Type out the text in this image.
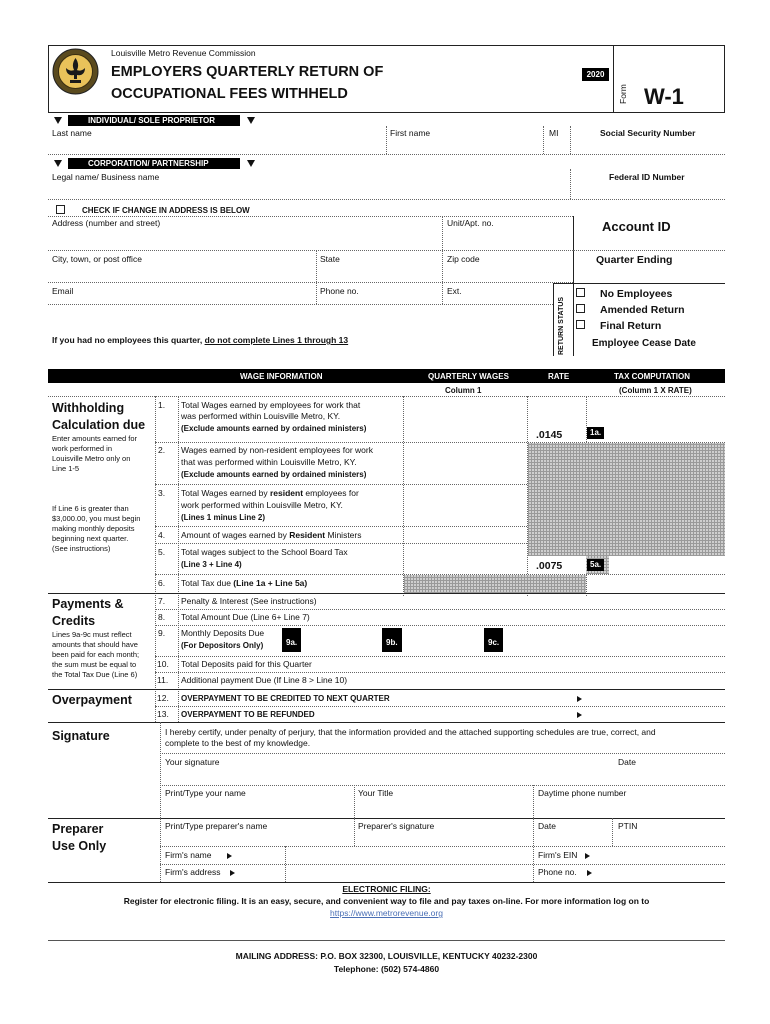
Louisville Metro Revenue Commission
EMPLOYERS QUARTERLY RETURN OF
OCCUPATIONAL FEES WITHHELD
2020
Form W-1
INDIVIDUAL/ SOLE PROPRIETOR
Last name	First name	MI	Social Security Number
CORPORATION/ PARTNERSHIP
Legal name/ Business name	Federal ID Number
CHECK IF CHANGE IN ADDRESS IS BELOW
Address (number and street)	Unit/Apt. no.
City, town, or post office	State	Zip code
Email	Phone no.	Ext.
Account ID
Quarter Ending
RETURN STATUS
No Employees
Amended Return
Final Return
Employee Cease Date
If you had no employees this quarter, do not complete Lines 1 through 13
WAGE INFORMATION	QUARTERLY WAGES	RATE	TAX COMPUTATION
Column 1	(Column 1 X RATE)
Withholding
Calculation due
Enter amounts earned for
work performed in
Louisville Metro only on
Line 1-5
If Line 6 is greater than
$3,000.00, you must begin
making monthly deposits
beginning next quarter.
(See instructions)
1. Total Wages earned by employees for work that
was performed within Louisville Metro, KY.
(Exclude amounts earned by ordained ministers)
.0145	1a.
2. Wages earned by non-resident employees for work
that was performed within Louisville Metro, KY.
(Exclude amounts earned by ordained ministers)
3. Total Wages earned by resident employees for
work performed within Louisville Metro, KY.
(Lines 1 minus Line 2)
4. Amount of wages earned by Resident Ministers
5. Total wages subject to the School Board Tax
(Line 3 + Line 4)	.0075	5a.
6. Total Tax due (Line 1a + Line 5a)
Payments &
Credits
Lines 9a-9c must reflect
amounts that should have
been paid for each month;
the sum must be equal to
the Total Tax Due (Line 6)
7. Penalty & Interest (See instructions)
8. Total Amount Due (Line 6+ Line 7)
9. Monthly Deposits Due
(For Depositors Only)	9a.	9b.	9c.
10. Total Deposits paid for this Quarter
11. Additional payment Due (If Line 8 > Line 10)
Overpayment	12. OVERPAYMENT TO BE CREDITED TO NEXT QUARTER
13. OVERPAYMENT TO BE REFUNDED
Signature	I hereby certify, under penalty of perjury, that the information provided and the attached supporting schedules are true, correct, and
complete to the best of my knowledge.
Your signature	Date
Print/Type your name	Your Title	Daytime phone number
Preparer
Use Only
Print/Type preparer's name	Preparer's signature	Date	PTIN
Firm's name	Firm's EIN
Firm's address	Phone no.
ELECTRONIC FILING:
Register for electronic filing. It is an easy, secure, and convenient way to file and pay taxes on-line. For more information log on to
https://www.metrorevenue.org
MAILING ADDRESS: P.O. BOX 32300, LOUISVILLE, KENTUCKY 40232-2300
Telephone: (502) 574-4860
